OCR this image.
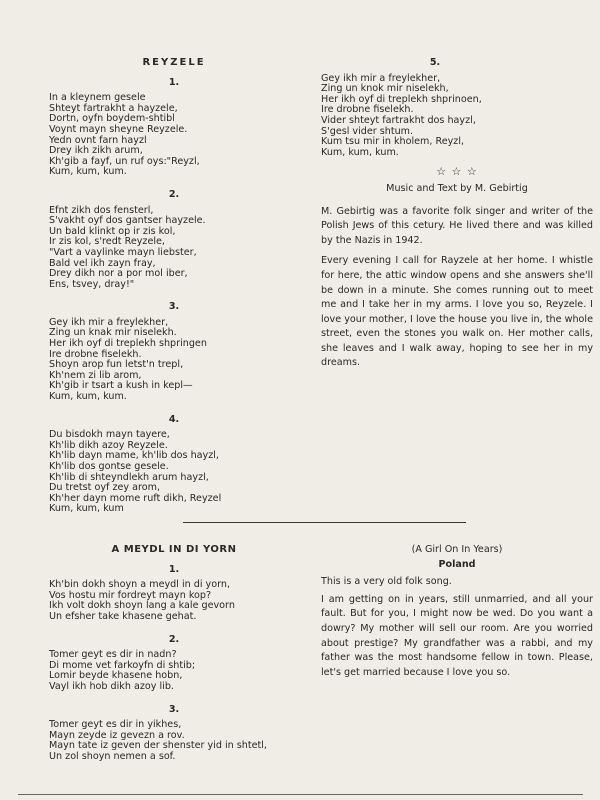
REYZELE
1.
In a kleynem gesele
Shteyt fartrakht a hayzele,
Dortn, oyfn boydem-shtibl
Voynt mayn sheyne Reyzele.
Yedn ovnt farn hayzl
Drey ikh zikh arum,
Kh'gib a fayf, un ruf oys:"Reyzl,
Kum, kum, kum.
2.
Efnt zikh dos fensterl,
S'vakht oyf dos gantser hayzele.
Un bald klinkt op ir zis kol,
Ir zis kol, s'redt Reyzele,
"Vart a vaylinke mayn liebster,
Bald vel ikh zayn fray,
Drey dikh nor a por mol iber,
Ens, tsvey, dray!"
3.
Gey ikh mir a freylekher,
Zing un knak mir niselekh.
Her ikh oyf di treplekh shpringen
Ire drobne fiselekh.
Shoyn arop fun letst'n trepl,
Kh'nem zi lib arom,
Kh'gib ir tsart a kush in kepl—
Kum, kum, kum.
4.
Du bisdokh mayn tayere,
Kh'lib dikh azoy Reyzele.
Kh'lib dayn mame, kh'lib dos hayzl,
Kh'lib dos gontse gesele.
Kh'lib di shteyndlekh arum hayzl,
Du tretst oyf zey arom,
Kh'her dayn mome ruft dikh, Reyzel
Kum, kum, kum
5.
Gey ikh mir a freylekher,
Zing un knok mir niselekh,
Her ikh oyf di treplekh shprinoen,
Ire drobne fiselekh.
Vider shteyt fartrakht dos hayzl,
S'gesl vider shtum.
Kum tsu mir in kholem, Reyzl,
Kum, kum, kum.
☆ ☆ ☆
Music and Text by M. Gebirtig
M. Gebirtig was a favorite folk singer and writer of the Polish Jews of this cetury. He lived there and was killed by the Nazis in 1942.
Every evening I call for Rayzele at her home. I whistle for here, the attic window opens and she answers she'll be down in a minute. She comes running out to meet me and I take her in my arms. I love you so, Reyzele. I love your mother, I love the house you live in, the whole street, even the stones you walk on. Her mother calls, she leaves and I walk away, hoping to see her in my dreams.
A MEYDL IN DI YORN
1.
Kh'bin dokh shoyn a meydl in di yorn,
Vos hostu mir fordreyt mayn kop?
Ikh volt dokh shoyn lang a kale gevorn
Un efsher take khasene gehat.
2.
Tomer geyt es dir in nadn?
Di mome vet farkoyfn di shtib;
Lomir beyde khasene hobn,
Vayl ikh hob dikh azoy lib.
3.
Tomer geyt es dir in yikhes,
Mayn zeyde iz gevezn a rov.
Mayn tate iz geven der shenster yid in shtetl,
Un zol shoyn nemen a sof.
(A Girl On In Years)
Poland
This is a very old folk song.
I am getting on in years, still unmarried, and all your fault. But for you, I might now be wed. Do you want a dowry? My mother will sell our room. Are you worried about prestige? My grandfather was a rabbi, and my father was the most handsome fellow in town. Please, let's get married because I love you so.
